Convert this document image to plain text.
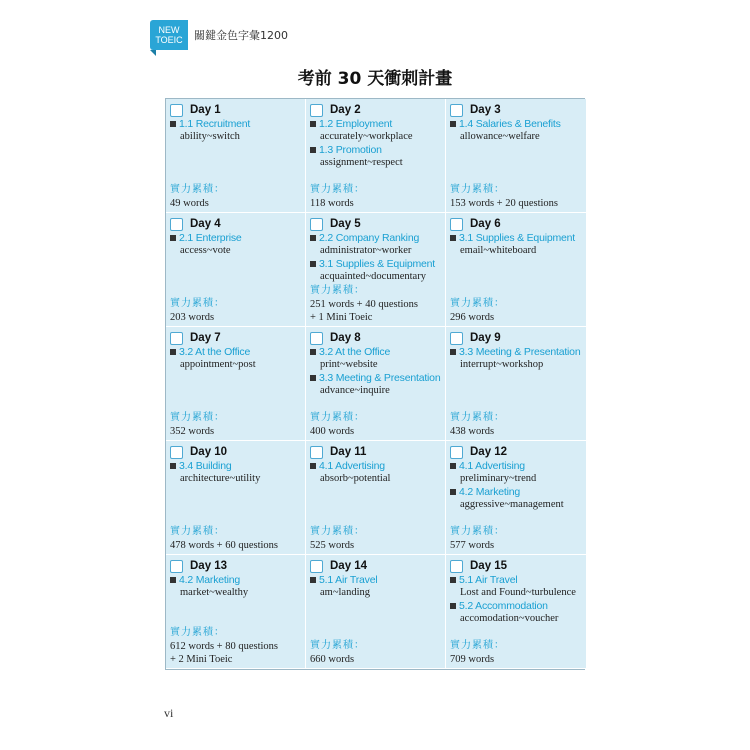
NEW
TOEIC	關鍵金色字彙1200
考前 30 天衝刺計畫
Day 1
1.1 Recruitment
ability~switch
實力累積：
49 words
Day 2
1.2 Employment
accurately~workplace
1.3 Promotion
assignment~respect
實力累積：
118 words
Day 3
1.4 Salaries & Benefits
allowance~welfare
實力累積：
153 words + 20 questions
Day 4
2.1 Enterprise
access~vote
實力累積：
203 words
Day 5
2.2 Company Ranking
administrator~worker
3.1 Supplies & Equipment
acquainted~documentary
實力累積：
251 words + 40 questions
+ 1 Mini Toeic
Day 6
3.1 Supplies & Equipment
email~whiteboard
實力累積：
296 words
Day 7
3.2 At the Office
appointment~post
實力累積：
352 words
Day 8
3.2 At the Office
print~website
3.3 Meeting & Presentation
advance~inquire
實力累積：
400 words
Day 9
3.3 Meeting & Presentation
interrupt~workshop
實力累積：
438 words
Day 10
3.4 Building
architecture~utility
實力累積：
478 words + 60 questions
Day 11
4.1 Advertising
absorb~potential
實力累積：
525 words
Day 12
4.1 Advertising
preliminary~trend
4.2 Marketing
aggressive~management
實力累積：
577 words
Day 13
4.2 Marketing
market~wealthy
實力累積：
612 words + 80 questions
+ 2 Mini Toeic
Day 14
5.1 Air Travel
am~landing
實力累積：
660 words
Day 15
5.1 Air Travel
Lost and Found~turbulence
5.2 Accommodation
accomodation~voucher
實力累積：
709 words
vi
